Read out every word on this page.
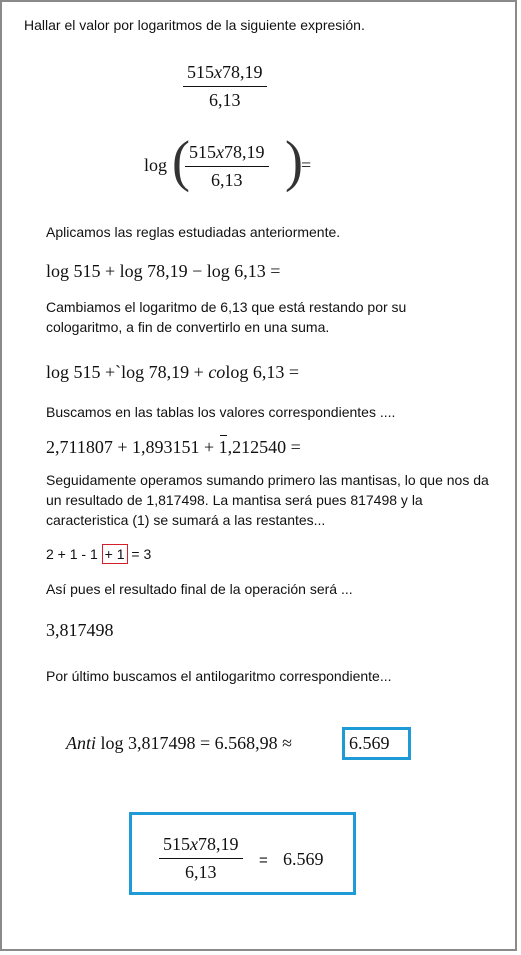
Hallar el valor por logaritmos de la siguiente expresión.
$\frac{515x78,19}{6,13}$
log (
$\frac{515x78,19}{6,13}$ )
=
Aplicamos las reglas estudiadas anteriormente.
log 515 + log 78,19 − log 6,13 =
Cambiamos el logaritmo de 6,13 que está restando por su cologaritmo, a fin de convertirlo en una suma.
log 515 +`log 78,19 + colog 6,13 =
Buscamos en las tablas los valores correspondientes ....
2,711807 + 1,893151 + 1,212540 =
Seguidamente operamos sumando primero las mantisas, lo que nos da un resultado de 1,817498. La mantisa será pues 817498 y la caracteristica (1) se sumará a las restantes...
2 + 1 - 1 + 1 = 3
Así pues el resultado final de la operación será ...
3,817498
Por último buscamos el antilogaritmo correspondiente...
Anti log 3,817498 = 6.568,98 ≈	6.569
$\frac{515x78,19}{6,13} = 6.569$
